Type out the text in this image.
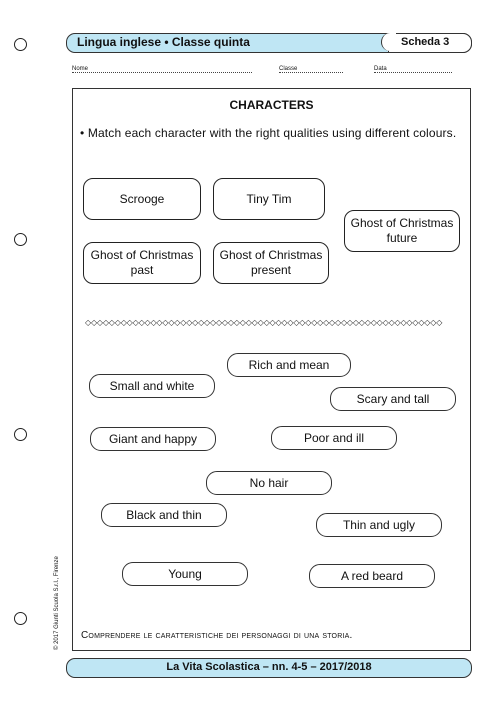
Lingua inglese • Classe quinta	Scheda 3
Nome	Classe	Data
CHARACTERS
• Match each character with the right qualities using different colours.
Scrooge	Tiny Tim
Ghost of Christmas future
Ghost of Christmas past
Ghost of Christmas present
◇◇◇◇◇◇◇◇◇◇◇◇◇◇◇◇◇◇◇◇◇◇◇◇◇◇◇◇◇◇◇◇◇◇◇◇◇◇◇◇◇◇◇◇◇◇◇◇◇◇◇◇◇◇◇◇◇◇◇◇
Rich and mean
Small and white
Scary and tall
Giant and happy	Poor and ill
No hair
Black and thin
Thin and ugly
Young	A red beard
Comprendere le caratteristiche dei personaggi di una storia.
© 2017 Giunti Scuola S.r.l., Firenze
La Vita Scolastica – nn. 4-5 – 2017/2018
